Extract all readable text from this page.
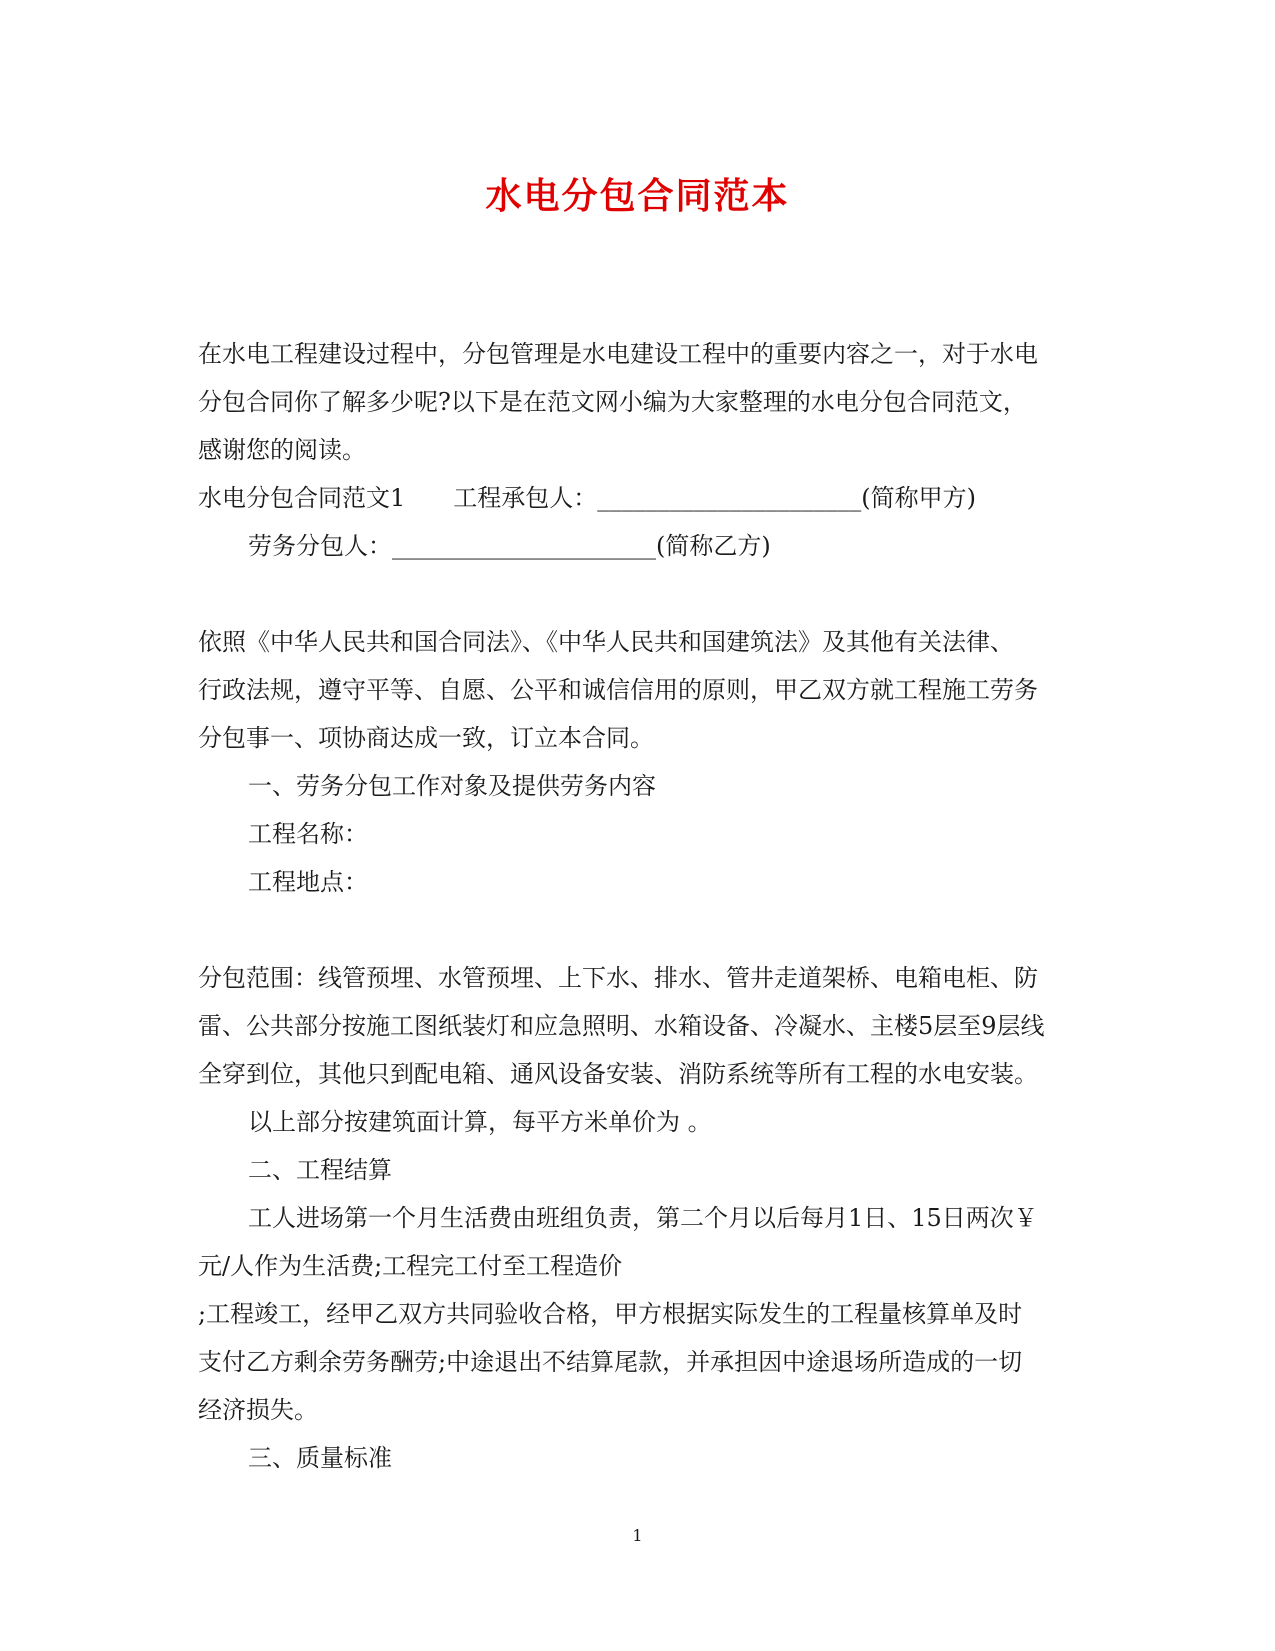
水电分包合同范本
在水电工程建设过程中，分包管理是水电建设工程中的重要内容之一，对于水电
分包合同你了解多少呢?以下是在范文网小编为大家整理的水电分包合同范文，
感谢您的阅读。
水电分包合同范文1　　工程承包人：______________________(简称甲方)
劳务分包人：______________________(简称乙方)
依照《中华人民共和国合同法》、《中华人民共和国建筑法》及其他有关法律、
行政法规，遵守平等、自愿、公平和诚信信用的原则，甲乙双方就工程施工劳务
分包事一、项协商达成一致，订立本合同。
一、劳务分包工作对象及提供劳务内容
工程名称：
工程地点：
分包范围：线管预埋、水管预埋、上下水、排水、管井走道架桥、电箱电柜、防
雷、公共部分按施工图纸装灯和应急照明、水箱设备、冷凝水、主楼5层至9层线
全穿到位，其他只到配电箱、通风设备安装、消防系统等所有工程的水电安装。
以上部分按建筑面计算，每平方米单价为 。
二、工程结算
工人进场第一个月生活费由班组负责，第二个月以后每月1日、15日两次￥
元/人作为生活费;工程完工付至工程造价
;工程竣工，经甲乙双方共同验收合格，甲方根据实际发生的工程量核算单及时
支付乙方剩余劳务酬劳;中途退出不结算尾款，并承担因中途退场所造成的一切
经济损失。
三、质量标准
1
